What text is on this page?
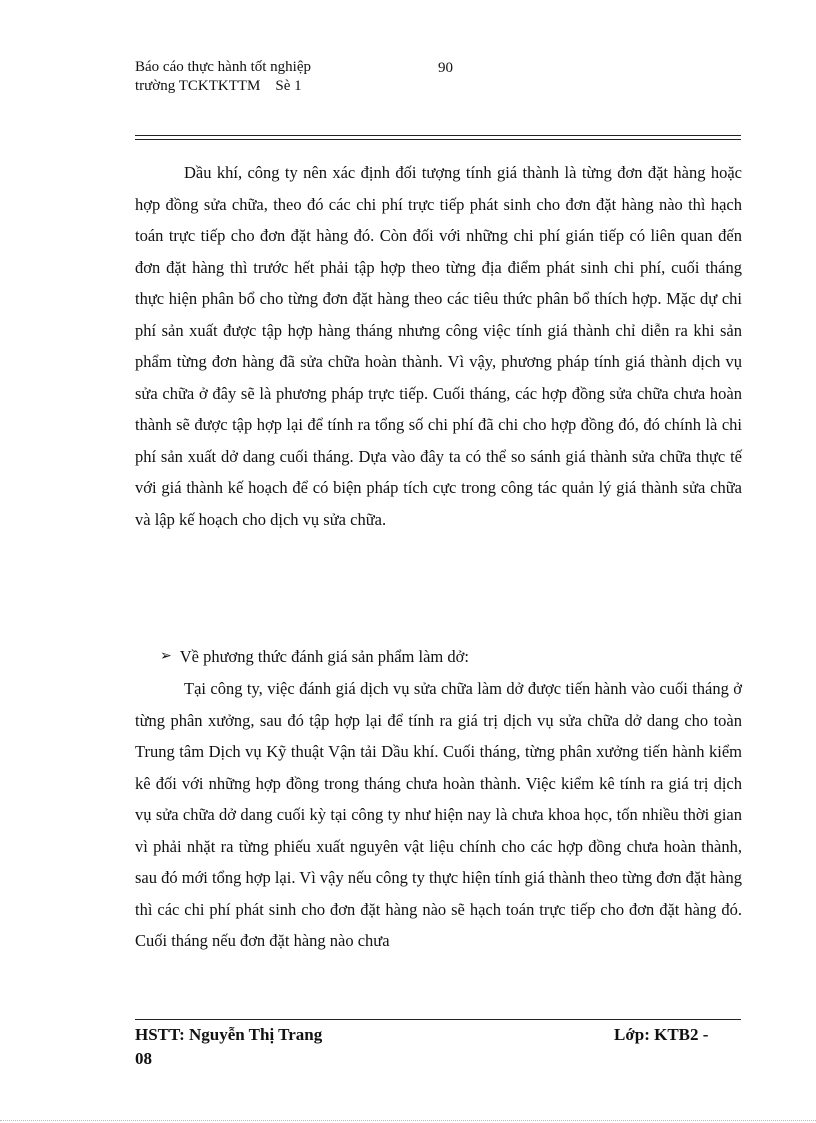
Báo cáo thực hành tốt nghiệp
trường TCKTKTTM    Sè 1
90

Dầu khí, công ty nên xác định đối tượng tính giá thành là từng đơn đặt hàng hoặc hợp đồng sửa chữa, theo đó các chi phí trực tiếp phát sinh cho đơn đặt hàng nào thì hạch toán trực tiếp cho đơn đặt hàng đó. Còn đối với những chi phí gián tiếp có liên quan đến đơn đặt hàng thì trước hết phải tập hợp theo từng địa điểm phát sinh chi phí, cuối tháng thực hiện phân bổ cho từng đơn đặt hàng theo các tiêu thức phân bổ thích hợp. Mặc dự chi phí sản xuất được tập hợp hàng tháng nhưng công việc tính giá thành chỉ diễn ra khi sản phẩm từng đơn hàng đã sửa chữa hoàn thành. Vì vậy, phương pháp tính giá thành dịch vụ sửa chữa ở đây sẽ là phương pháp trực tiếp. Cuối tháng, các hợp đồng sửa chữa chưa hoàn thành sẽ được tập hợp lại để tính ra tổng số chi phí đã chi cho hợp đồng đó, đó chính là chi phí sản xuất dở dang cuối tháng. Dựa vào đây ta có thể so sánh giá thành sửa chữa thực tế với giá thành kế hoạch để có biện pháp tích cực trong công tác quản lý giá thành sửa chữa và lập kế hoạch cho dịch vụ sửa chữa.

➢ Về phương thức đánh giá sản phẩm làm dở:

Tại công ty, việc đánh giá dịch vụ sửa chữa làm dở được tiến hành vào cuối tháng ở từng phân xưởng, sau đó tập hợp lại để tính ra giá trị dịch vụ sửa chữa dở dang cho toàn Trung tâm Dịch vụ Kỹ thuật Vận tải Dầu khí. Cuối tháng, từng phân xưởng tiến hành kiểm kê đối với những hợp đồng trong tháng chưa hoàn thành. Việc kiểm kê tính ra giá trị dịch vụ sửa chữa dở dang cuối kỳ tại công ty như hiện nay là chưa khoa học, tốn nhiều thời gian vì phải nhặt ra từng phiếu xuất nguyên vật liệu chính cho các hợp đồng chưa hoàn thành, sau đó mới tổng hợp lại. Vì vậy nếu công ty thực hiện tính giá thành theo từng đơn đặt hàng thì các chi phí phát sinh cho đơn đặt hàng nào sẽ hạch toán trực tiếp cho đơn đặt hàng đó. Cuối tháng nếu đơn đặt hàng nào chưa

HSTT: Nguyễn Thị Trang
08
Lớp: KTB2 -
